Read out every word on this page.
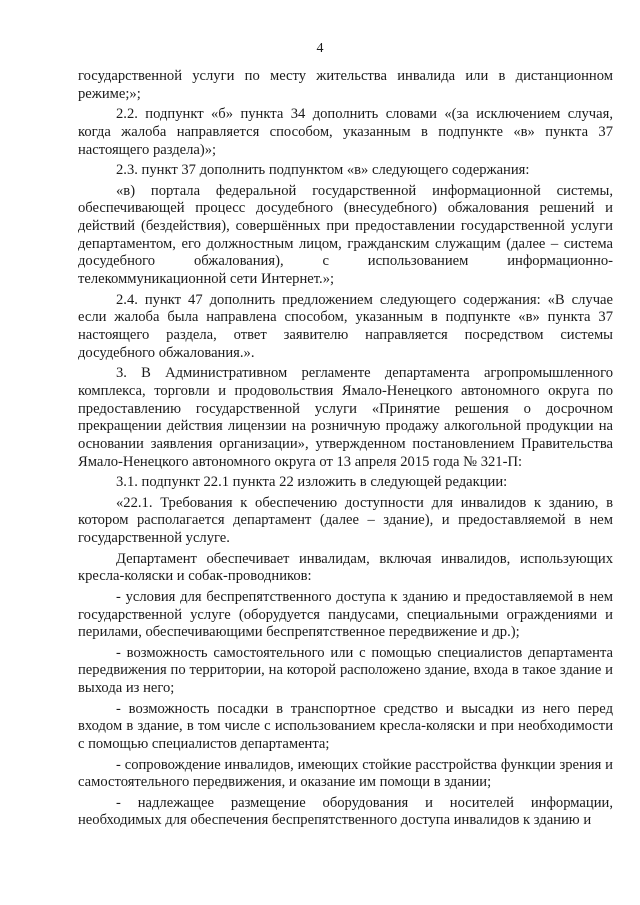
4

государственной услуги по месту жительства инвалида или в дистанционном режиме;»;

2.2. подпункт «б» пункта 34 дополнить словами «(за исключением случая, когда жалоба направляется способом, указанным в подпункте «в» пункта 37 настоящего раздела)»;

2.3. пункт 37 дополнить подпунктом «в» следующего содержания:

«в) портала федеральной государственной информационной системы, обеспечивающей процесс досудебного (внесудебного) обжалования решений и действий (бездействия), совершённых при предоставлении государственной услуги департаментом, его должностным лицом, гражданским служащим (далее – система досудебного обжалования), с использованием информационно-телекоммуникационной сети Интернет.»;

2.4. пункт 47 дополнить предложением следующего содержания: «В случае если жалоба была направлена способом, указанным в подпункте «в» пункта 37 настоящего раздела, ответ заявителю направляется посредством системы досудебного обжалования.».

3. В Административном регламенте департамента агропромышленного комплекса, торговли и продовольствия Ямало-Ненецкого автономного округа по предоставлению государственной услуги «Принятие решения о досрочном прекращении действия лицензии на розничную продажу алкогольной продукции на основании заявления организации», утвержденном постановлением Правительства Ямало-Ненецкого автономного округа от 13 апреля 2015 года № 321-П:

3.1. подпункт 22.1 пункта 22 изложить в следующей редакции:

«22.1. Требования к обеспечению доступности для инвалидов к зданию, в котором располагается департамент (далее – здание), и предоставляемой в нем государственной услуге.

Департамент обеспечивает инвалидам, включая инвалидов, использующих кресла-коляски и собак-проводников:

- условия для беспрепятственного доступа к зданию и предоставляемой в нем государственной услуге (оборудуется пандусами, специальными ограждениями и перилами, обеспечивающими беспрепятственное передвижение и др.);

- возможность самостоятельного или с помощью специалистов департамента передвижения по территории, на которой расположено здание, входа в такое здание и выхода из него;

- возможность посадки в транспортное средство и высадки из него перед входом в здание, в том числе с использованием кресла-коляски и при необходимости с помощью специалистов департамента;

- сопровождение инвалидов, имеющих стойкие расстройства функции зрения и самостоятельного передвижения, и оказание им помощи в здании;

- надлежащее размещение оборудования и носителей информации, необходимых для обеспечения беспрепятственного доступа инвалидов к зданию и
